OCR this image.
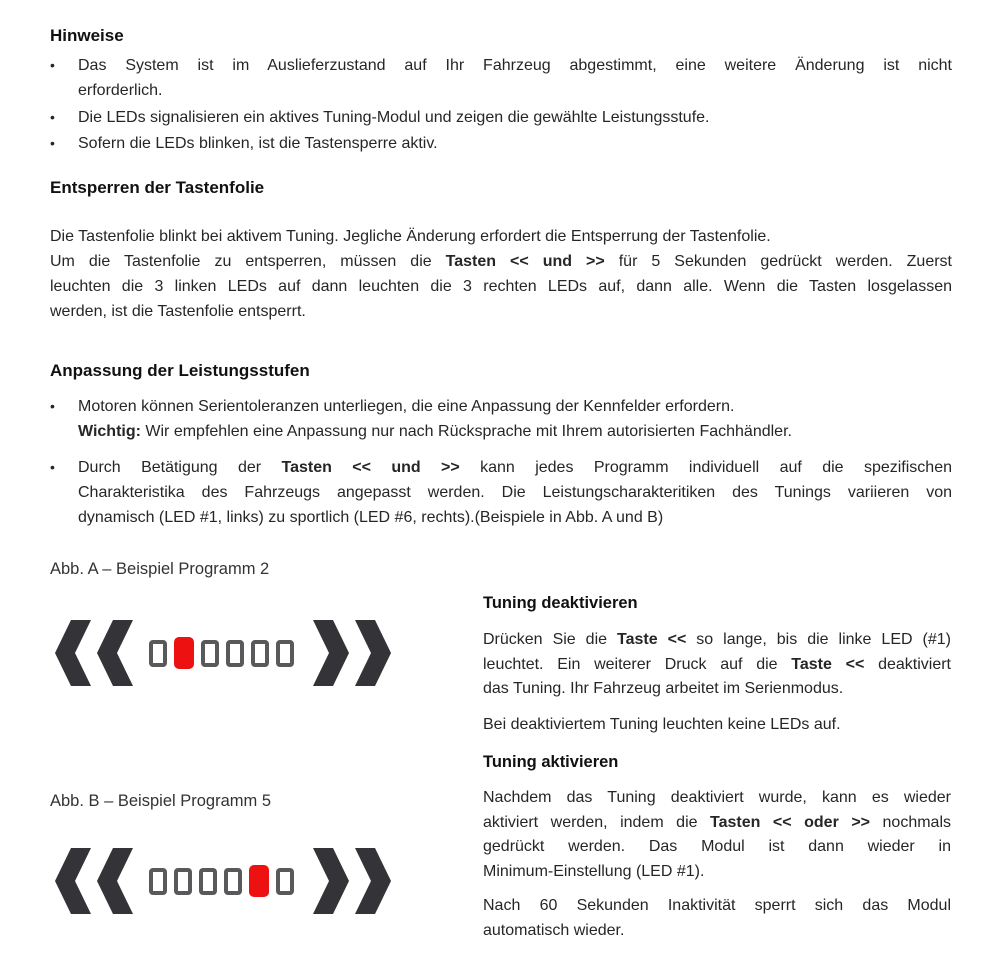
Hinweise
•	Das System ist im Auslieferzustand auf Ihr Fahrzeug abgestimmt, eine weitere Änderung ist nicht
erforderlich.
•	Die LEDs signalisieren ein aktives Tuning-Modul und zeigen die gewählte Leistungsstufe.
•	Sofern die LEDs blinken, ist die Tastensperre aktiv.
Entsperren der Tastenfolie
Die Tastenfolie blinkt bei aktivem Tuning. Jegliche Änderung erfordert die Entsperrung der Tastenfolie.
Um die Tastenfolie zu entsperren, müssen die Tasten << und >> für 5 Sekunden gedrückt werden. Zuerst
leuchten die 3 linken LEDs auf dann leuchten die 3 rechten LEDs auf, dann alle. Wenn die Tasten losgelassen
werden, ist die Tastenfolie entsperrt.
Anpassung der Leistungsstufen
•	Motoren können Serientoleranzen unterliegen, die eine Anpassung der Kennfelder erfordern.
Wichtig: Wir empfehlen eine Anpassung nur nach Rücksprache mit Ihrem autorisierten Fachhändler.
•	Durch Betätigung der Tasten << und >> kann jedes Programm individuell auf die spezifischen
Charakteristika des Fahrzeugs angepasst werden. Die Leistungscharakteritiken des Tunings variieren von
dynamisch (LED #1, links) zu sportlich (LED #6, rechts).(Beispiele in Abb. A und B)
Abb. A – Beispiel Programm 2
Abb. B – Beispiel Programm 5
Tuning deaktivieren

Drücken Sie die Taste << so lange, bis die linke LED (#1)
leuchtet. Ein weiterer Druck auf die Taste << deaktiviert
das Tuning. Ihr Fahrzeug arbeitet im Serienmodus.

Bei deaktiviertem Tuning leuchten keine LEDs auf.

Tuning aktivieren

Nachdem das Tuning deaktiviert wurde, kann es wieder
aktiviert werden, indem die Tasten << oder >> nochmals
gedrückt werden. Das Modul ist dann wieder in
Minimum-Einstellung (LED #1).

Nach 60 Sekunden Inaktivität sperrt sich das Modul
automatisch wieder.
